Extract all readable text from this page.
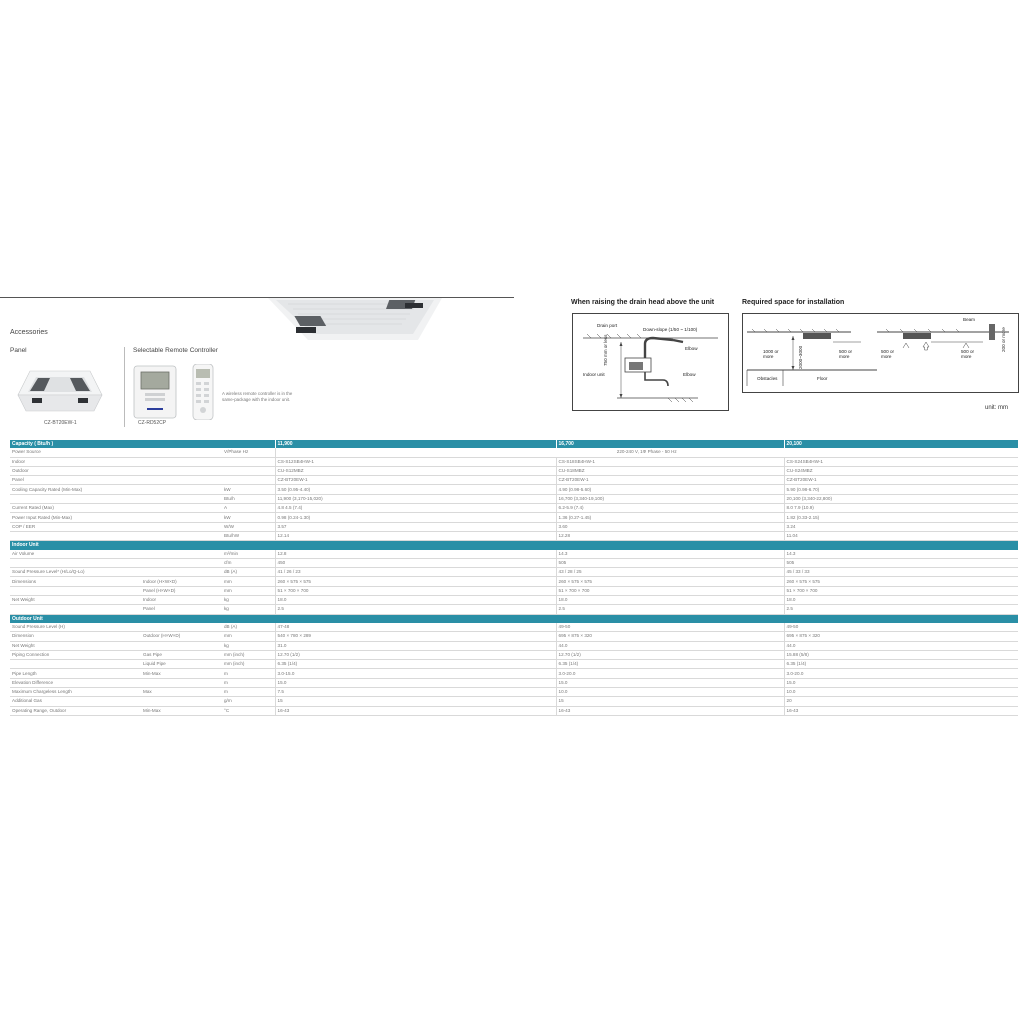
Accessories
Panel	Selectable Remote Controller
CZ-BT20EW-1	CZ-RD52CP
A wireless remote controller is in the same-package with the indoor unit.
When raising the drain head above the unit
Drain port
Down-slope (1/50 ~ 1/100)
Elbow
Indoor unit	Elbow
750 mm or less
Required space for installation
Beam
1000 or more	2000~3000	500 or more
500 or more
500 or more
200 or more
Obstacles	Floor
unit: mm
Capacity ( Btu/h )			11,900	16,700	20,100
Power Source		V/Phase Hz	220-240 V, 1Φ Phase - 50 Hz		
Indoor			CS-S12SB4HW-1	CS-S18SB4HW-1	CS-S24SB4HW-1
Outdoor			CU-S12MBZ	CU-S18MBZ	CU-S24MBZ
Panel			CZ-BT20EW-1	CZ-BT20EW-1	CZ-BT20EW-1
Cooling Capacity Rated (Min-Max)		kW	3.50 (0.95-4.40)	4.90 (0.98-5.60)	5.90 (0.98-6.70)
		Btu/h	11,900 (3,170-15,020)	16,700 (3,340-19,100)	20,100 (3,340-22,800)
Current Rated (Max)		A	4.8 4.5 (7.4)	6.2-5.9 (7.4)	8.0 7.9 (10.9)
Power Input Rated (Min-Max)		kW	0.98 (0.24-1.30)	1.36 (0.27-1.45)	1.82 (0.33-2.15)
COP / EER		W/W	3.57	3.60	3.24
		Btu/hW	12.14	12.28	11.04
Indoor Unit					
Air Volume		m³/min	12.8	14.3	14.3
		cfm	450	505	505
Sound Pressure Level* (H/Lo/Q-Lo)		dB (A)	41 / 26 / 23	43 / 28 / 25	45 / 33 / 33
Dimensions	Indoor (H×W×D)	mm	260 × 575 × 575	260 × 575 × 575	260 × 575 × 575
	Panel (H×W×D)	mm	51 × 700 × 700	51 × 700 × 700	51 × 700 × 700
Net Weight	Indoor	kg	18.0	18.0	18.0
	Panel	kg	2.5	2.5	2.5
Outdoor Unit					
Sound Pressure Level (H)		dB (A)	47-48	49-50	49-50
Dimension	Outdoor (H×W×D)	mm	540 × 780 × 289	695 × 875 × 320	695 × 875 × 320
Net Weight		kg	31.0	44.0	44.0
Piping Connection	Gas Pipe	mm (inch)	12.70 (1/2)	12.70 (1/2)	15.88 (5/8)
	Liquid Pipe	mm (inch)	6.35 (1/4)	6.35 (1/4)	6.35 (1/4)
Pipe Length	Min-Max	m	3.0-15.0	3.0-20.0	3.0-20.0
Elevation Difference		m	15.0	15.0	15.0
Maximum Chargeless Length	Max	m	7.5	10.0	10.0
Additional Gas		g/m	15	15	20
Operating Range, Outdoor	Min-Max	°C	16-43	16-43	16-43
